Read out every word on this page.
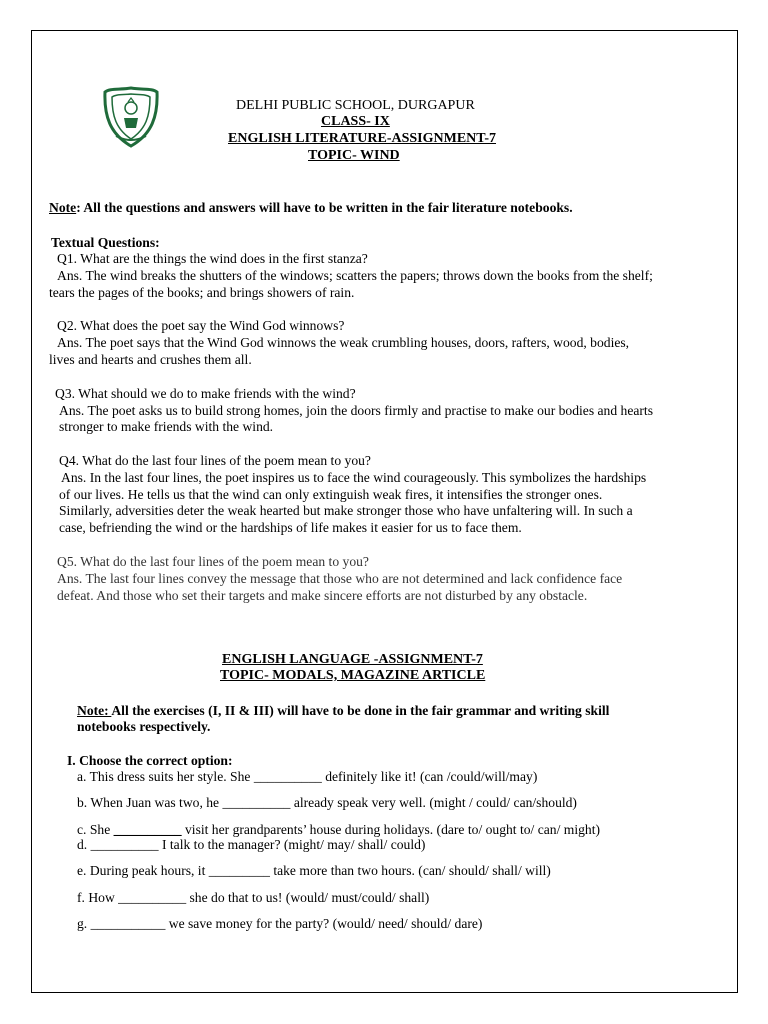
DELHI PUBLIC SCHOOL, DURGAPUR
CLASS- IX
ENGLISH LITERATURE-ASSIGNMENT-7
TOPIC- WIND
Note: All the questions and answers will have to be written in the fair literature notebooks.
Textual Questions:
Q1. What are the things the wind does in the first stanza?
Ans. The wind breaks the shutters of the windows; scatters the papers; throws down the books from the shelf;
tears the pages of the books; and brings showers of rain.
Q2. What does the poet say the Wind God winnows?
Ans. The poet says that the Wind God winnows the weak crumbling houses, doors, rafters, wood, bodies,
lives and hearts and crushes them all.
Q3. What should we do to make friends with the wind?
Ans. The poet asks us to build strong homes, join the doors firmly and practise to make our bodies and hearts
stronger to make friends with the wind.
Q4. What do the last four lines of the poem mean to you?
Ans. In the last four lines, the poet inspires us to face the wind courageously. This symbolizes the hardships
of our lives. He tells us that the wind can only extinguish weak fires, it intensifies the stronger ones.
Similarly, adversities deter the weak hearted but make stronger those who have unfaltering will. In such a
case, befriending the wind or the hardships of life makes it easier for us to face them.
Q5. What do the last four lines of the poem mean to you?
Ans. The last four lines convey the message that those who are not determined and lack confidence face
defeat. And those who set their targets and make sincere efforts are not disturbed by any obstacle.
ENGLISH LANGUAGE -ASSIGNMENT-7
TOPIC- MODALS, MAGAZINE ARTICLE
Note: All the exercises (I, II & III) will have to be done in the fair grammar and writing skill
notebooks respectively.
I. Choose the correct option:
a. This dress suits her style. She __________ definitely like it! (can /could/will/may)
b. When Juan was two, he __________ already speak very well. (might / could/ can/should)
c. She __________ visit her grandparents’ house during holidays. (dare to/ ought to/ can/ might)
d. __________ I talk to the manager? (might/ may/ shall/ could)
e. During peak hours, it _________ take more than two hours. (can/ should/ shall/ will)
f. How __________ she do that to us! (would/ must/could/ shall)
g. ___________ we save money for the party? (would/ need/ should/ dare)
